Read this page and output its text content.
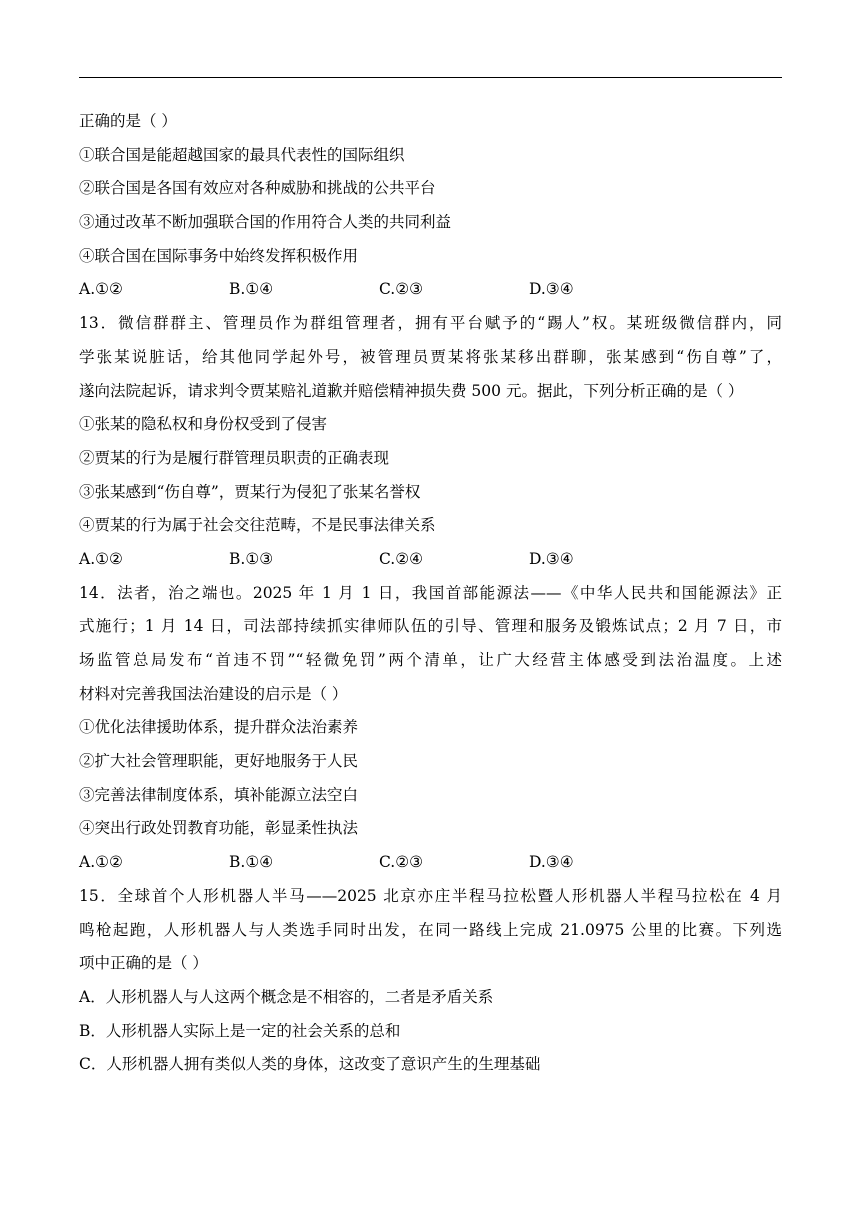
正确的是（ ）
①联合国是能超越国家的最具代表性的国际组织
②联合国是各国有效应对各种威胁和挑战的公共平台
③通过改革不断加强联合国的作用符合人类的共同利益
④联合国在国际事务中始终发挥积极作用
A.①②	B.①④	C.②③	D.③④
13．微信群群主、管理员作为群组管理者，拥有平台赋予的“踢人”权。某班级微信群内，同
学张某说脏话，给其他同学起外号，被管理员贾某将张某移出群聊，张某感到“伤自尊”了，
遂向法院起诉，请求判令贾某赔礼道歉并赔偿精神损失费 500 元。据此，下列分析正确的是（ ）
①张某的隐私权和身份权受到了侵害
②贾某的行为是履行群管理员职责的正确表现
③张某感到“伤自尊”，贾某行为侵犯了张某名誉权
④贾某的行为属于社会交往范畴，不是民事法律关系
A.①②	B.①③	C.②④	D.③④
14．法者，治之端也。2025 年 1 月 1 日，我国首部能源法——《中华人民共和国能源法》正
式施行；1 月 14 日，司法部持续抓实律师队伍的引导、管理和服务及锻炼试点；2 月 7 日，市
场监管总局发布“首违不罚”“轻微免罚”两个清单，让广大经营主体感受到法治温度。上述
材料对完善我国法治建设的启示是（ ）
①优化法律援助体系，提升群众法治素养
②扩大社会管理职能，更好地服务于人民
③完善法律制度体系，填补能源立法空白
④突出行政处罚教育功能，彰显柔性执法
A.①②	B.①④	C.②③	D.③④
15．全球首个人形机器人半马——2025 北京亦庄半程马拉松暨人形机器人半程马拉松在 4 月
鸣枪起跑，人形机器人与人类选手同时出发，在同一路线上完成 21.0975 公里的比赛。下列选
项中正确的是（ ）
A．人形机器人与人这两个概念是不相容的，二者是矛盾关系
B．人形机器人实际上是一定的社会关系的总和
C．人形机器人拥有类似人类的身体，这改变了意识产生的生理基础
